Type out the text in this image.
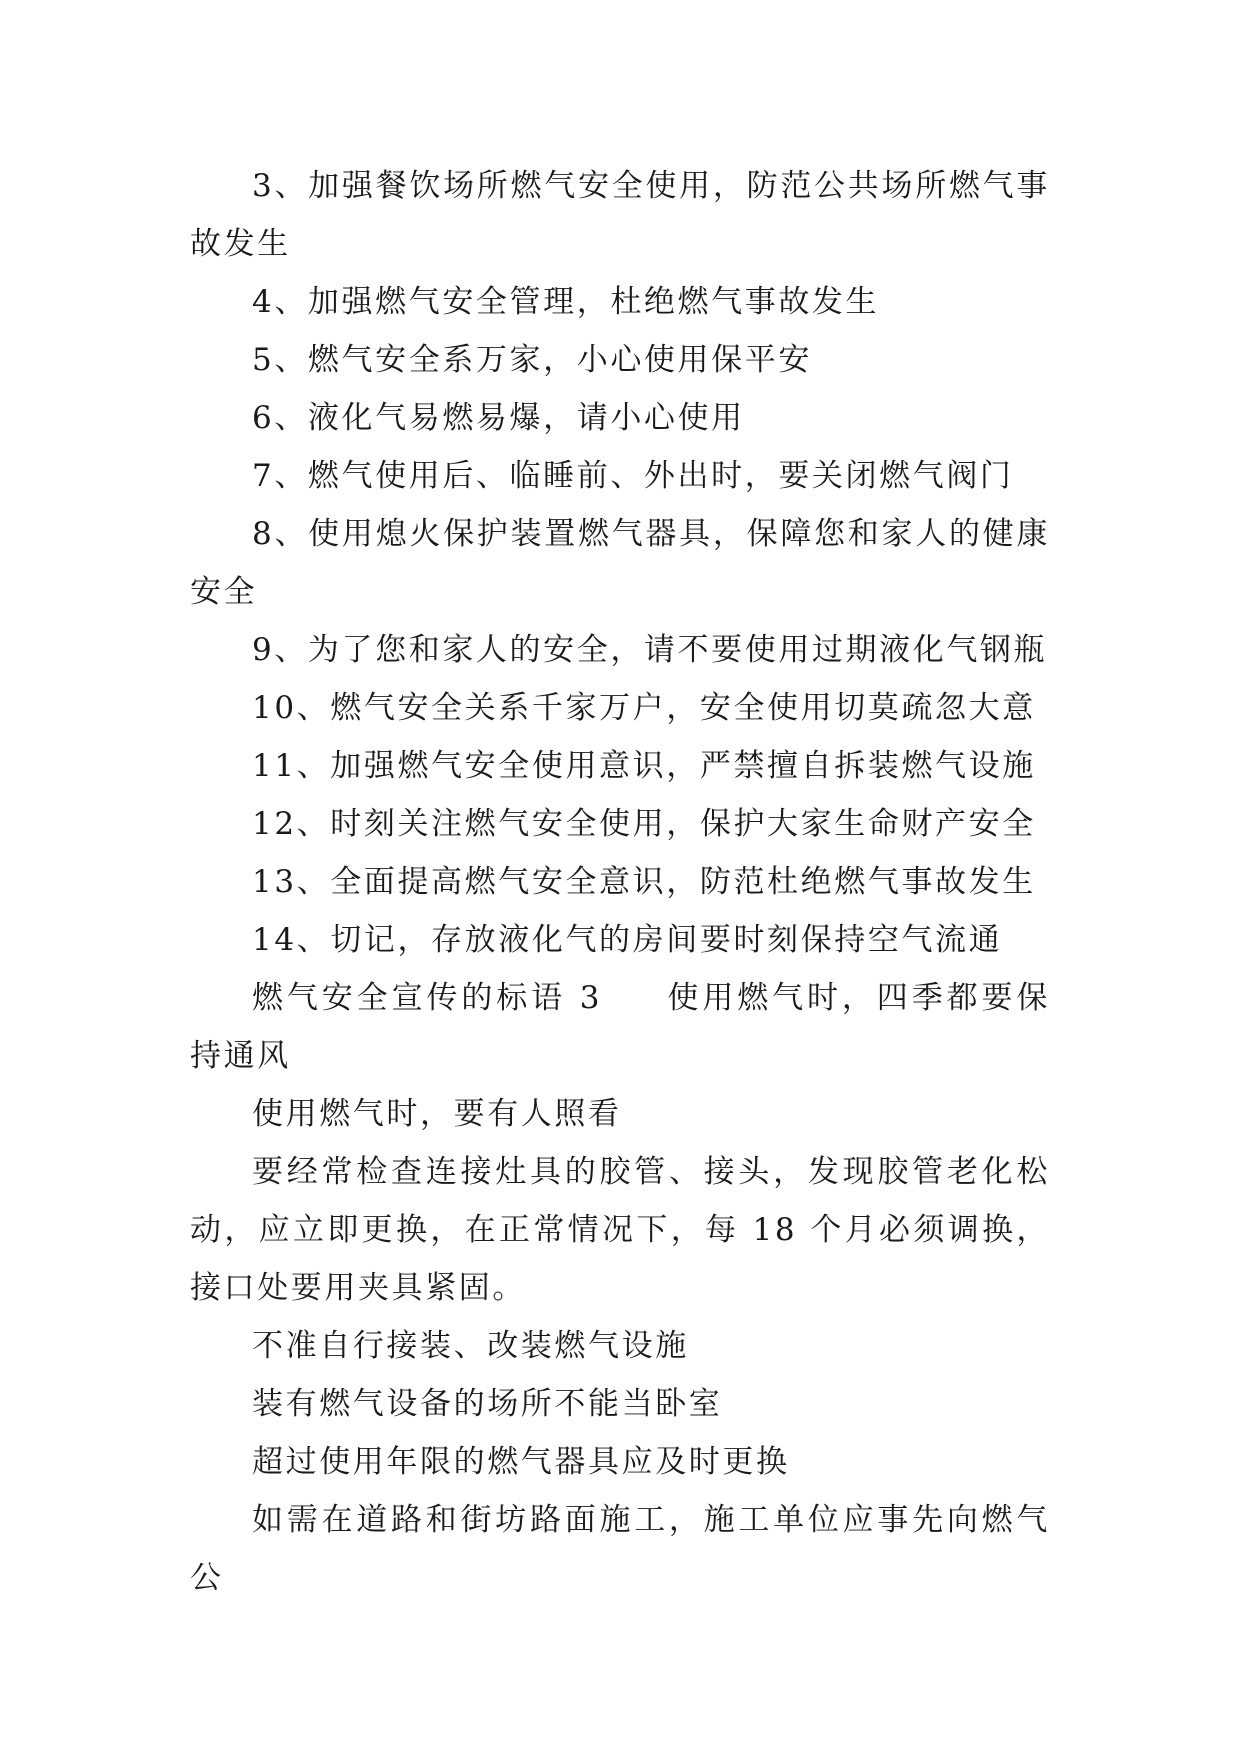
3、加强餐饮场所燃气安全使用，防范公共场所燃气事故发生

4、加强燃气安全管理，杜绝燃气事故发生

5、燃气安全系万家，小心使用保平安

6、液化气易燃易爆，请小心使用

7、燃气使用后、临睡前、外出时，要关闭燃气阀门

8、使用熄火保护装置燃气器具，保障您和家人的健康安全

9、为了您和家人的安全，请不要使用过期液化气钢瓶

10、燃气安全关系千家万户，安全使用切莫疏忽大意

11、加强燃气安全使用意识，严禁擅自拆装燃气设施

12、时刻关注燃气安全使用，保护大家生命财产安全

13、全面提高燃气安全意识，防范杜绝燃气事故发生

14、切记，存放液化气的房间要时刻保持空气流通

燃气安全宣传的标语 3 使用燃气时，四季都要保持通风

使用燃气时，要有人照看

要经常检查连接灶具的胶管、接头，发现胶管老化松动，应立即更换，在正常情况下，每 18 个月必须调换，接口处要用夹具紧固。

不准自行接装、改装燃气设施

装有燃气设备的场所不能当卧室

超过使用年限的燃气器具应及时更换

如需在道路和街坊路面施工，施工单位应事先向燃气公
